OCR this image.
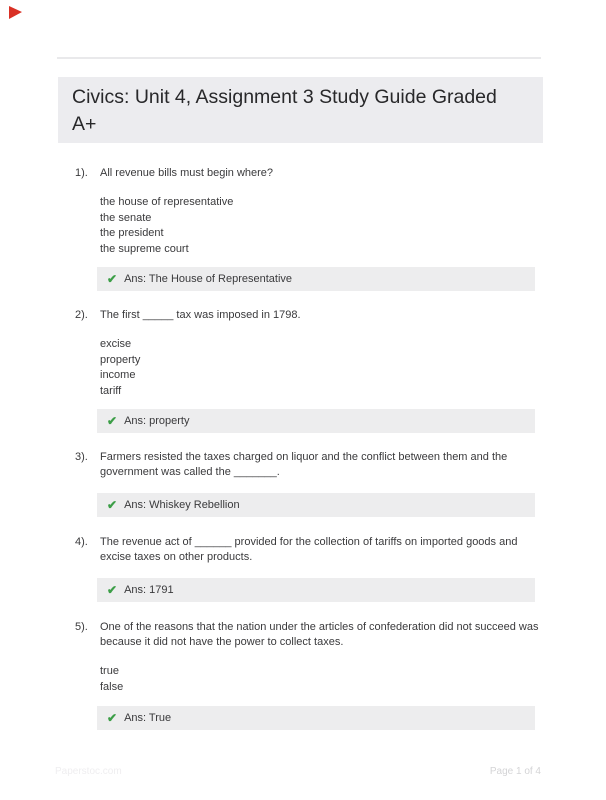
Civics: Unit 4, Assignment 3 Study Guide Graded
A+
1).	All revenue bills must begin where?
the house of representative
the senate
the president
the supreme court
✔ Ans: The House of Representative
2).	The first _____ tax was imposed in 1798.
excise
property
income
tariff
✔ Ans: property
3).	Farmers resisted the taxes charged on liquor and the conflict between them and the
government was called the _______.
✔ Ans: Whiskey Rebellion
4).	The revenue act of ______ provided for the collection of tariffs on imported goods and
excise taxes on other products.
✔ Ans: 1791
5).	One of the reasons that the nation under the articles of confederation did not succeed was
because it did not have the power to collect taxes.
true
false
✔ Ans: True
Paperstoc.com	Page 1 of 4
